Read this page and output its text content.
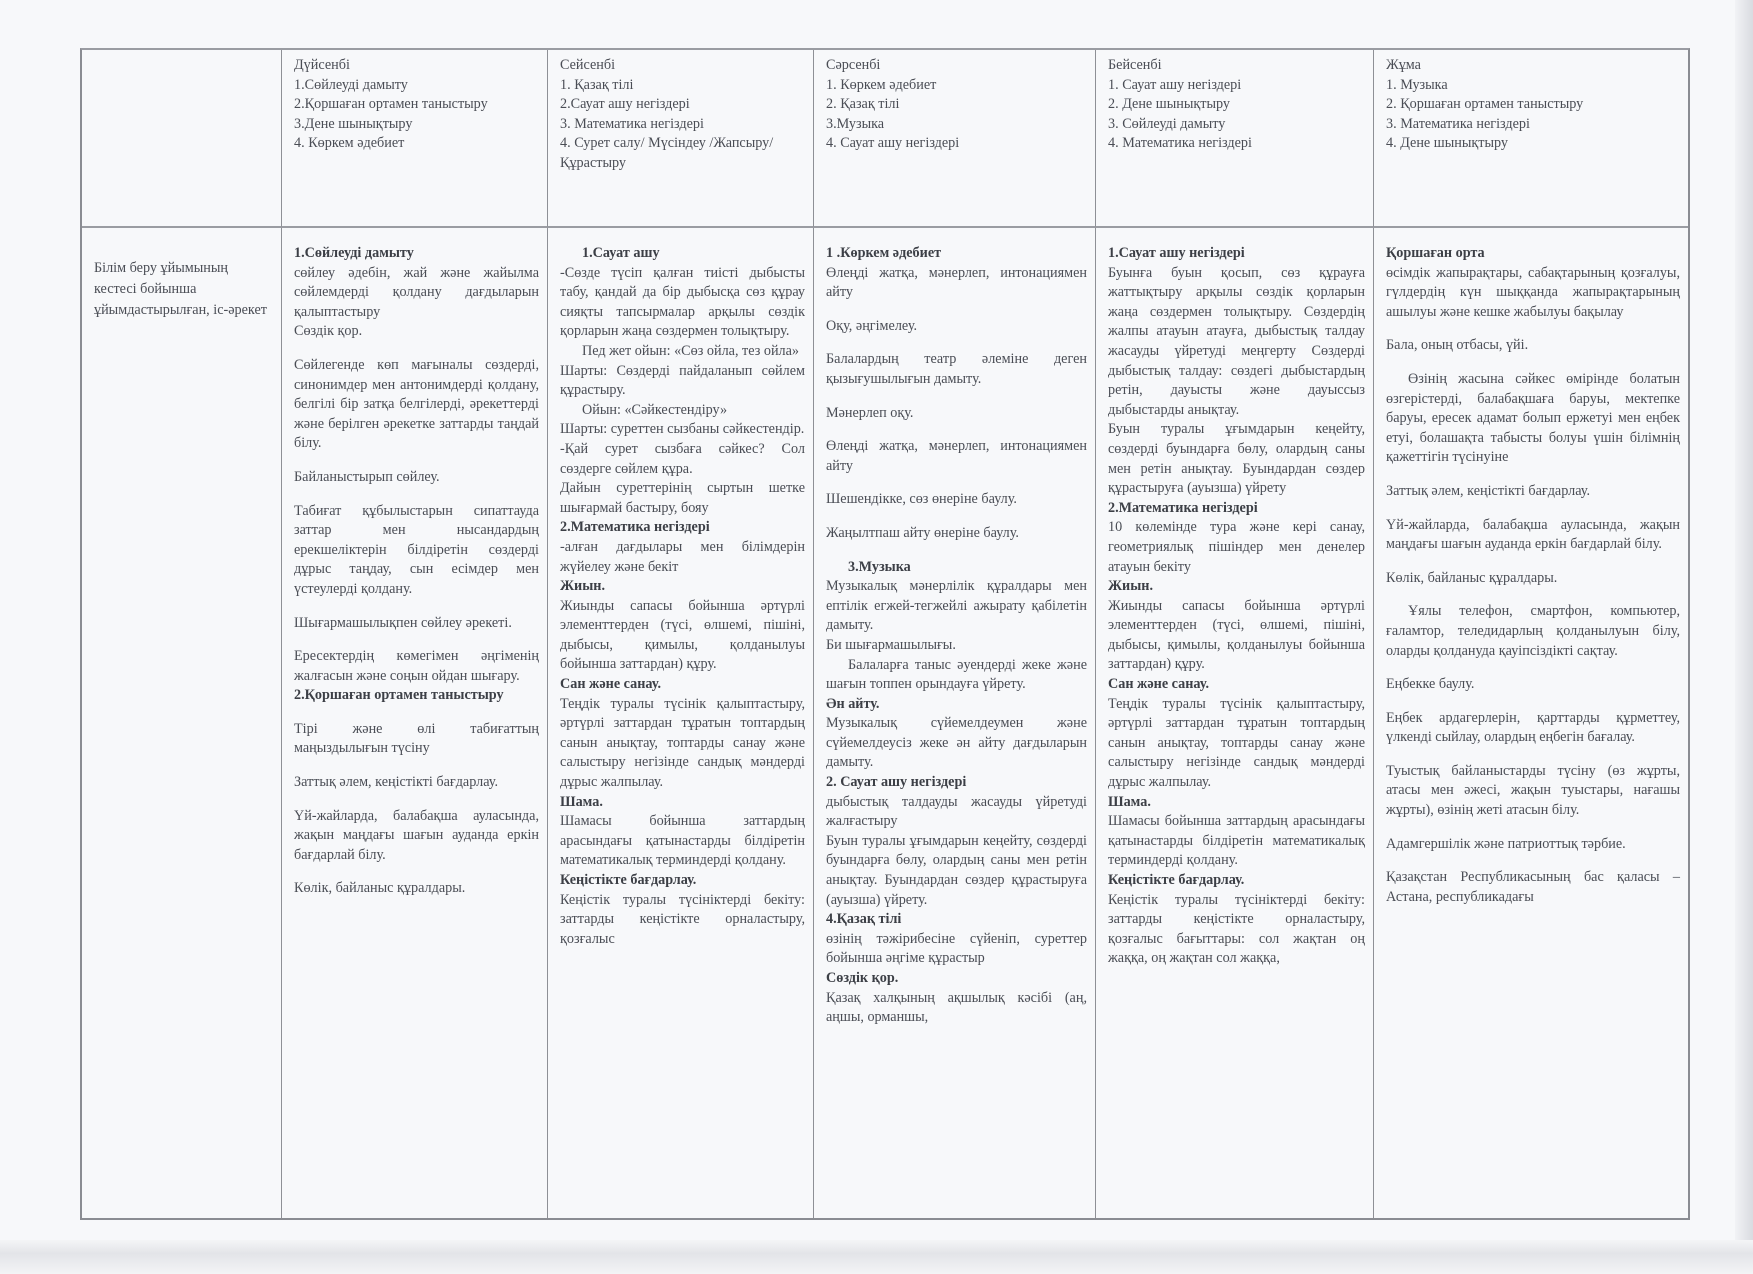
Дүйсенбі
1.Сөйлеуді дамыту
2.Қоршаған ортамен таныстыру
3.Дене шынықтыру
4. Көркем әдебиет
Сейсенбі
1. Қазақ тілі
2.Сауат ашу негіздері
3. Математика негіздері
4. Сурет салу/ Мүсіндеу /Жапсыру/Құрастыру
Сәрсенбі
1. Көркем әдебиет
2. Қазақ тілі
3.Музыка
4. Сауат ашу негіздері
Бейсенбі
1. Сауат ашу негіздері
2. Дене шынықтыру
3. Сөйлеуді дамыту
4. Математика негіздері
Жұма
1. Музыка
2. Қоршаған ортамен таныстыру
3. Математика негіздері
4. Дене шынықтыру
Білім беру ұйымының кестесі бойынша ұйымдастырылған, іс-әрекет
1.Сөйлеуді дамыту
сөйлеу әдебін, жай және жайылма сөйлемдерді қолдану дағдыларын қалыптастыру
Сөздік қор.
Сөйлегенде көп мағыналы сөздерді, синонимдер мен антонимдерді қолдану, белгілі бір затқа белгілерді, әрекеттерді және берілген әрекетке заттарды таңдай білу.
Байланыстырып сөйлеу.
Табиғат құбылыстарын сипаттауда заттар мен нысандардың ерекшеліктерін білдіретін сөздерді дұрыс таңдау, сын есімдер мен үстеулерді қолдану.
Шығармашылықпен сөйлеу әрекеті.
Ересектердің көмегімен әңгіменің жалғасын және соңын ойдан шығару.
2.Қоршаған ортамен таныстыру
Тірі және өлі табиғаттың маңыздылығын түсіну
Заттық әлем, кеңістікті бағдарлау.
Үй-жайларда, балабақша ауласында, жақын маңдағы шағын аудандa еркін бағдарлай білу.
Көлік, байланыс құралдары.
1.Сауат ашу
-Сөзде түсіп қалған тиісті дыбысты табу, қандай да бір дыбысқа сөз құрау сияқты тапсырмалар арқылы сөздік қорларын жаңа сөздермен толықтыру.
Пед жет ойын: «Сөз ойла, тез ойла»
Шарты: Сөздерді пайдаланып сөйлем құрастыру.
Ойын: «Сәйкестендіру»
Шарты: суреттен сызбаны сәйкестендір.
-Қай сурет сызбаға сәйкес? Сол сөздерге сөйлем құра.
Дайын суреттерінің сыртын шетке шығармай бастыру, бояу
2.Математика негіздері
-алған дағдылары мен білімдерін жүйелеу және бекіт
Жиын.
Жиынды сапасы бойынша әртүрлі элементтерден (түсі, өлшемі, пішіні, дыбысы, қимылы, қолданылуы бойынша заттардан) құру.
Сан және санау.
Теңдік туралы түсінік қалыптастыру, әртүрлі заттардан тұратын топтардың санын анықтау, топтарды санау және салыстыру негізінде сандық мәндерді дұрыс жалпылау.
Шама.
Шамасы бойынша заттардың арасындағы қатынастарды білдіретін математикалық терминдерді қолдану.
Кеңістікте бағдарлау.
Кеңістік туралы түсініктерді бекіту: заттарды кеңістікте орналастыру, қозғалыс
1 .Көркем әдебиет
Өлеңді жатқа, мәнерлеп, интонациямен айту
Оқу, әңгімелеу.
Балалардың театр әлеміне деген қызығушылығын дамыту.
Мәнерлеп оқу.
Өлеңді жатқа, мәнерлеп, интонациямен айту
Шешендікке, сөз өнеріне баулу.
Жаңылтпаш айту өнеріне баулу.
3.Музыка
Музыкалық мәнерлілік құралдары мен ептілік егжей-тегжейлі ажырату қабілетін дамыту.
Би шығармашылығы.
Балаларға таныс әуендерді жеке және шағын топпен орындауға үйрету.
Ән айту.
Музыкалық сүйемелдеумен және сүйемелдеусіз жеке ән айту дағдыларын дамыту.
2. Сауат ашу негіздері
дыбыстық талдауды жасауды үйретуді жалғастыру
Буын туралы ұғымдарын кеңейту, сөздерді буындарға бөлу, олардың саны мен ретін анықтау. Буындардан сөздер құрастыруға (ауызша) үйрету.
4.Қазақ тілі
өзінің тәжірибесіне сүйеніп, суреттер бойынша әңгіме құрастыр
Сөздік қор.
Қазақ халқының ақшылық кәсібі (аң, аңшы, орманшы,
1.Сауат ашу негіздері
Буынға буын қосып, сөз құрауға жаттықтыру арқылы сөздік қорларын жаңа сөздермен толықтыру. Сөздердің жалпы атауын атауға, дыбыстық талдау жасауды үйретуді меңгерту Сөздерді дыбыстық талдау: сөздегі дыбыстардың ретін, дауысты және дауыссыз дыбыстарды анықтау.
Буын туралы ұғымдарын кеңейту, сөздерді буындарға бөлу, олардың саны мен ретін анықтау. Буындардан сөздер құрастыруға (ауызша) үйрету
2.Математика негіздері
10 көлемінде тура және кері санау, геометриялық пішіндер мен денелер атауын бекіту
Жиын.
Жиынды сапасы бойынша әртүрлі элементтерден (түсі, өлшемі, пішіні, дыбысы, қимылы, қолданылуы бойынша заттардан) құру.
Сан және санау.
Теңдік туралы түсінік қалыптастыру, әртүрлі заттардан тұратын топтардың санын анықтау, топтарды санау және салыстыру негізінде сандық мәндерді дұрыс жалпылау.
Шама.
Шамасы бойынша заттардың арасындағы қатынастарды білдіретін математикалық терминдерді қолдану.
Кеңістікте бағдарлау.
Кеңістік туралы түсініктерді бекіту: заттарды кеңістікте орналастыру, қозғалыс бағыттары: сол жақтан оң жаққа, оң жақтан сол жаққа,
Қоршаған орта
өсімдік жапырақтары, сабақтарының қозғалуы, гүлдердің күн шыққанда жапырақтарының ашылуы және кешке жабылуы бақылау
Бала, оның отбасы, үйі.
Өзінің жасына сәйкес өміріндe болатын өзгерістерді, балабақшаға баруы, мектепке баруы, ересек адамат болып ержетуі мен еңбек етуі, болашақта табысты болуы үшін білімнің қажеттігін түсінуіне
Заттық әлем, кеңістікті бағдарлау.
Үй-жайларда, балабақша ауласында, жақын маңдағы шағын аудандa еркін бағдарлай білу.
Көлік, байланыс құралдары.
Ұялы телефон, смартфон, компьютер, ғаламтор, теледидарлың қолданылуын білу, оларды қолдануда қауіпсіздікті сақтау.
Еңбекке баулу.
Еңбек ардагерлерін, қарттарды құрметтеу, үлкенді сыйлау, олардың еңбегін бағалау.
Туыстық байланыстарды түсіну (өз жұрты, атасы мен әжесі, жақын туыстары, нағашы жұрты), өзінің жеті атасын білу.
Адамгершілік және патриоттық тәрбие.
Қазақстан Республикасының бас қаласы – Астана, республикадағы
